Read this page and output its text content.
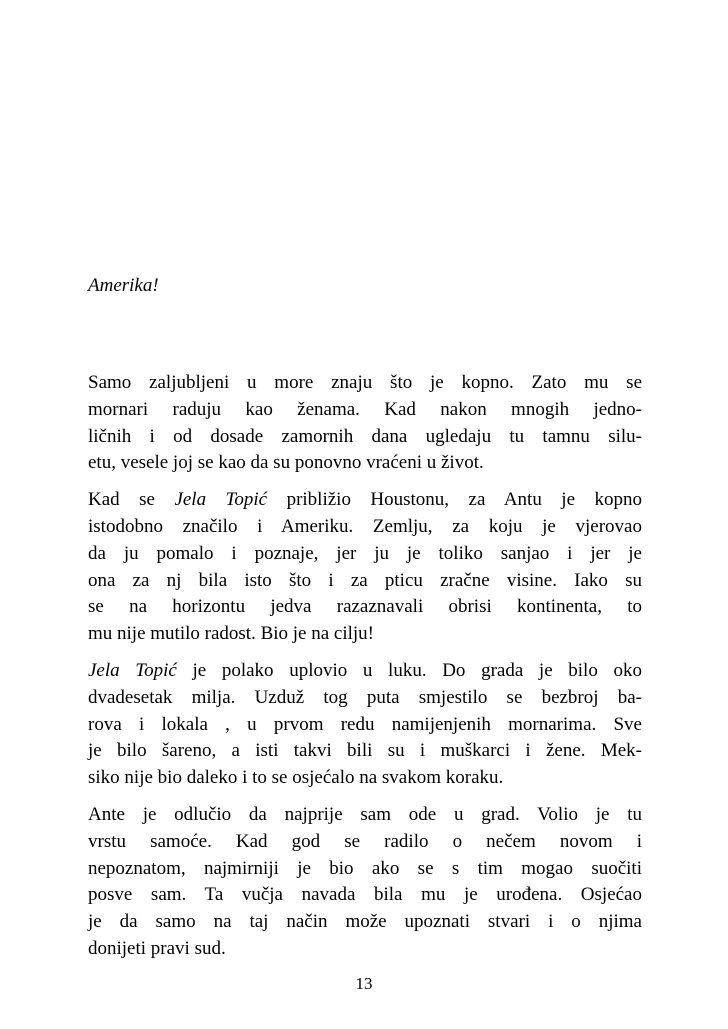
Amerika!

Samo zaljubljeni u more znaju što je kopno. Zato mu se
mornari raduju kao ženama. Kad nakon mnogih jedno-
ličnih i od dosade zamornih dana ugledaju tu tamnu silu-
etu, vesele joj se kao da su ponovno vraćeni u život.

Kad se Jela Topić približio Houstonu, za Antu je kopno
istodobno značilo i Ameriku. Zemlju, za koju je vjerovao
da ju pomalo i poznaje, jer ju je toliko sanjao i jer je
ona za nj bila isto što i za pticu zračne visine. Iako su
se na horizontu jedva razaznavali obrisi kontinenta, to
mu nije mutilo radost. Bio je na cilju!

Jela Topić je polako uplovio u luku. Do grada je bilo oko
dvadesetak milja. Uzduž tog puta smjestilo se bezbroj ba-
rova i lokala , u prvom redu namijenjenih mornarima. Sve
je bilo šareno, a isti takvi bili su i muškarci i žene. Mek-
siko nije bio daleko i to se osjećalo na svakom koraku.

Ante je odlučio da najprije sam ode u grad. Volio je tu
vrstu samoće. Kad god se radilo o nečem novom i
nepoznatom, najmirniji je bio ako se s tim mogao suočiti
posve sam. Ta vučja navada bila mu je urođena. Osjećao
je da samo na taj način može upoznati stvari i o njima
donijeti pravi sud.

13
